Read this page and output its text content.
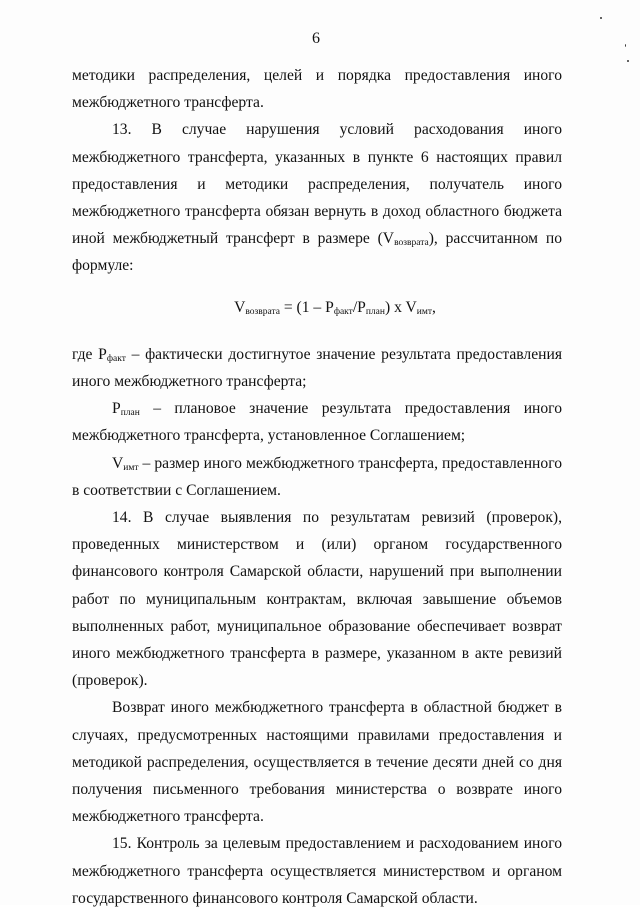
6

методики распределения, целей и порядка предоставления иного межбюджетного трансферта.

13. В случае нарушения условий расходования иного межбюджетного трансферта, указанных в пункте 6 настоящих правил предоставления и методики распределения, получатель иного межбюджетного трансферта обязан вернуть в доход областного бюджета иной межбюджетный трансферт в размере $(V_{возврата})$, рассчитанном по формуле:

$V_{возврата} = (1 - P_{факт}/P_{план})$ x $V_{имт}$,

где $P_{факт}$ – фактически достигнутое значение результата предоставления иного межбюджетного трансферта;

$P_{план}$ – плановое значение результата предоставления иного межбюджетного трансферта, установленное Соглашением;

$V_{имт}$ – размер иного межбюджетного трансферта, предоставленного в соответствии с Соглашением.

14. В случае выявления по результатам ревизий (проверок), проведенных министерством и (или) органом государственного финансового контроля Самарской области, нарушений при выполнении работ по муниципальным контрактам, включая завышение объемов выполненных работ, муниципальное образование обеспечивает возврат иного межбюджетного трансферта в размере, указанном в акте ревизий (проверок).

Возврат иного межбюджетного трансферта в областной бюджет в случаях, предусмотренных настоящими правилами предоставления и методикой распределения, осуществляется в течение десяти дней со дня получения письменного требования министерства о возврате иного межбюджетного трансферта.

15. Контроль за целевым предоставлением и расходованием иного межбюджетного трансферта осуществляется министерством и органом государственного финансового контроля Самарской области.
